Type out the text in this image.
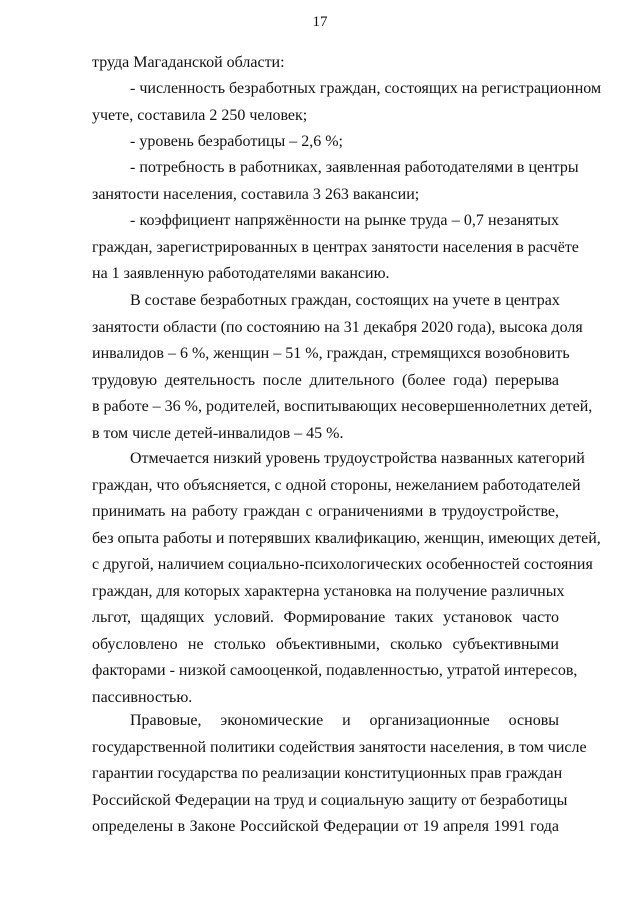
17
труда Магаданской области:
- численность безработных граждан, состоящих на регистрационном
учете, составила 2 250 человек;
- уровень безработицы – 2,6 %;
- потребность в работниках, заявленная работодателями в центры
занятости населения, составила 3 263 вакансии;
- коэффициент напряжённости на рынке труда – 0,7 незанятых
граждан, зарегистрированных в центрах занятости населения в расчёте
на 1 заявленную работодателями вакансию.
В составе безработных граждан, состоящих на учете в центрах
занятости области (по состоянию на 31 декабря 2020 года), высока доля
инвалидов – 6 %, женщин – 51 %, граждан, стремящихся возобновить
трудовую деятельность после длительного (более года) перерыва
в работе – 36 %, родителей, воспитывающих несовершеннолетних детей,
в том числе детей-инвалидов – 45 %.
Отмечается низкий уровень трудоустройства названных категорий
граждан, что объясняется, с одной стороны, нежеланием работодателей
принимать на работу граждан с ограничениями в трудоустройстве,
без опыта работы и потерявших квалификацию, женщин, имеющих детей,
с другой, наличием социально-психологических особенностей состояния
граждан, для которых характерна установка на получение различных
льгот, щадящих условий. Формирование таких установок часто
обусловлено не столько объективными, сколько субъективными
факторами - низкой самооценкой, подавленностью, утратой интересов,
пассивностью.
Правовые, экономические и организационные основы
государственной политики содействия занятости населения, в том числе
гарантии государства по реализации конституционных прав граждан
Российской Федерации на труд и социальную защиту от безработицы
определены в Законе Российской Федерации от 19 апреля 1991 года
